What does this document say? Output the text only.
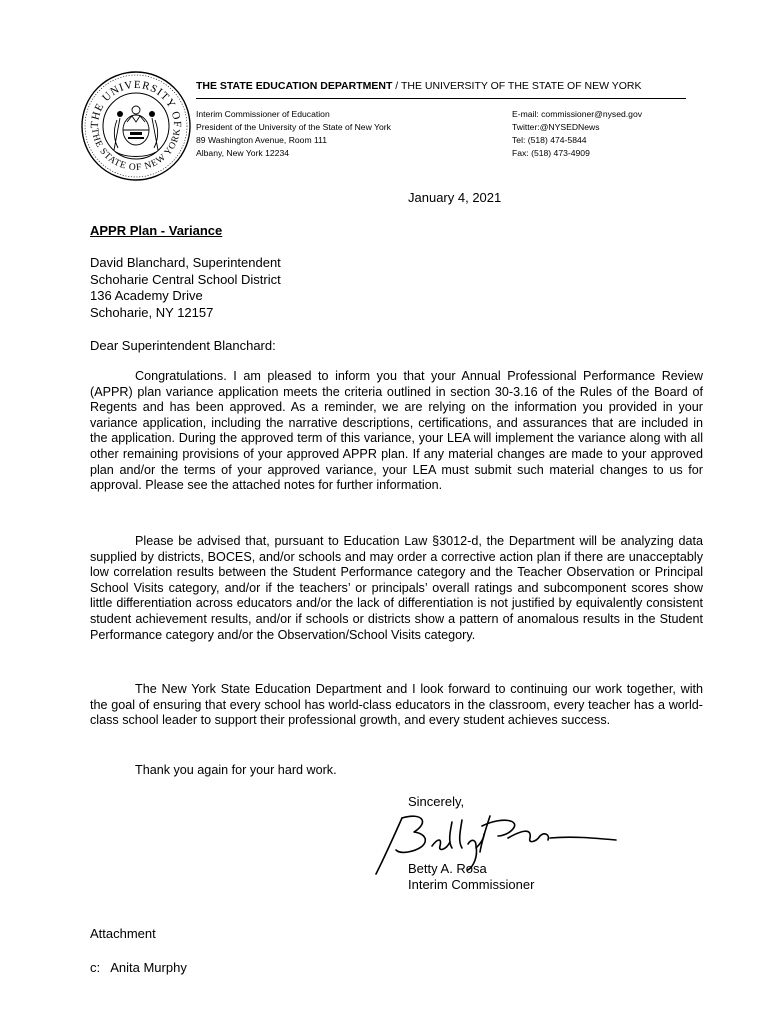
THE UNIVERSITY OF
THE STATE OF NEW YORK
THE STATE EDUCATION DEPARTMENT / THE UNIVERSITY OF THE STATE OF NEW YORK
Interim Commissioner of Education
President of the University of the State of New York
89 Washington Avenue, Room 111
Albany, New York 12234
E-mail: commissioner@nysed.gov
Twitter:@NYSEDNews
Tel: (518) 474-5844
Fax: (518) 473-4909
January 4, 2021
APPR Plan - Variance
David Blanchard, Superintendent
Schoharie Central School District
136 Academy Drive
Schoharie, NY 12157
Dear Superintendent Blanchard:

Congratulations. I am pleased to inform you that your Annual Professional Performance Review (APPR) plan variance application meets the criteria outlined in section 30-3.16 of the Rules of the Board of Regents and has been approved. As a reminder, we are relying on the information you provided in your variance application, including the narrative descriptions, certifications, and assurances that are included in the application. During the approved term of this variance, your LEA will implement the variance along with all other remaining provisions of your approved APPR plan. If any material changes are made to your approved plan and/or the terms of your approved variance, your LEA must submit such material changes to us for approval. Please see the attached notes for further information.

Please be advised that, pursuant to Education Law §3012-d, the Department will be analyzing data supplied by districts, BOCES, and/or schools and may order a corrective action plan if there are unacceptably low correlation results between the Student Performance category and the Teacher Observation or Principal School Visits category, and/or if the teachers’ or principals’ overall ratings and subcomponent scores show little differentiation across educators and/or the lack of differentiation is not justified by equivalently consistent student achievement results, and/or if schools or districts show a pattern of anomalous results in the Student Performance category and/or the Observation/School Visits category.

The New York State Education Department and I look forward to continuing our work together, with the goal of ensuring that every school has world-class educators in the classroom, every teacher has a world-class school leader to support their professional growth, and every student achieves success.

Thank you again for your hard work.

Sincerely,
Betty A. Rosa
Interim Commissioner
Attachment
c:   Anita Murphy
